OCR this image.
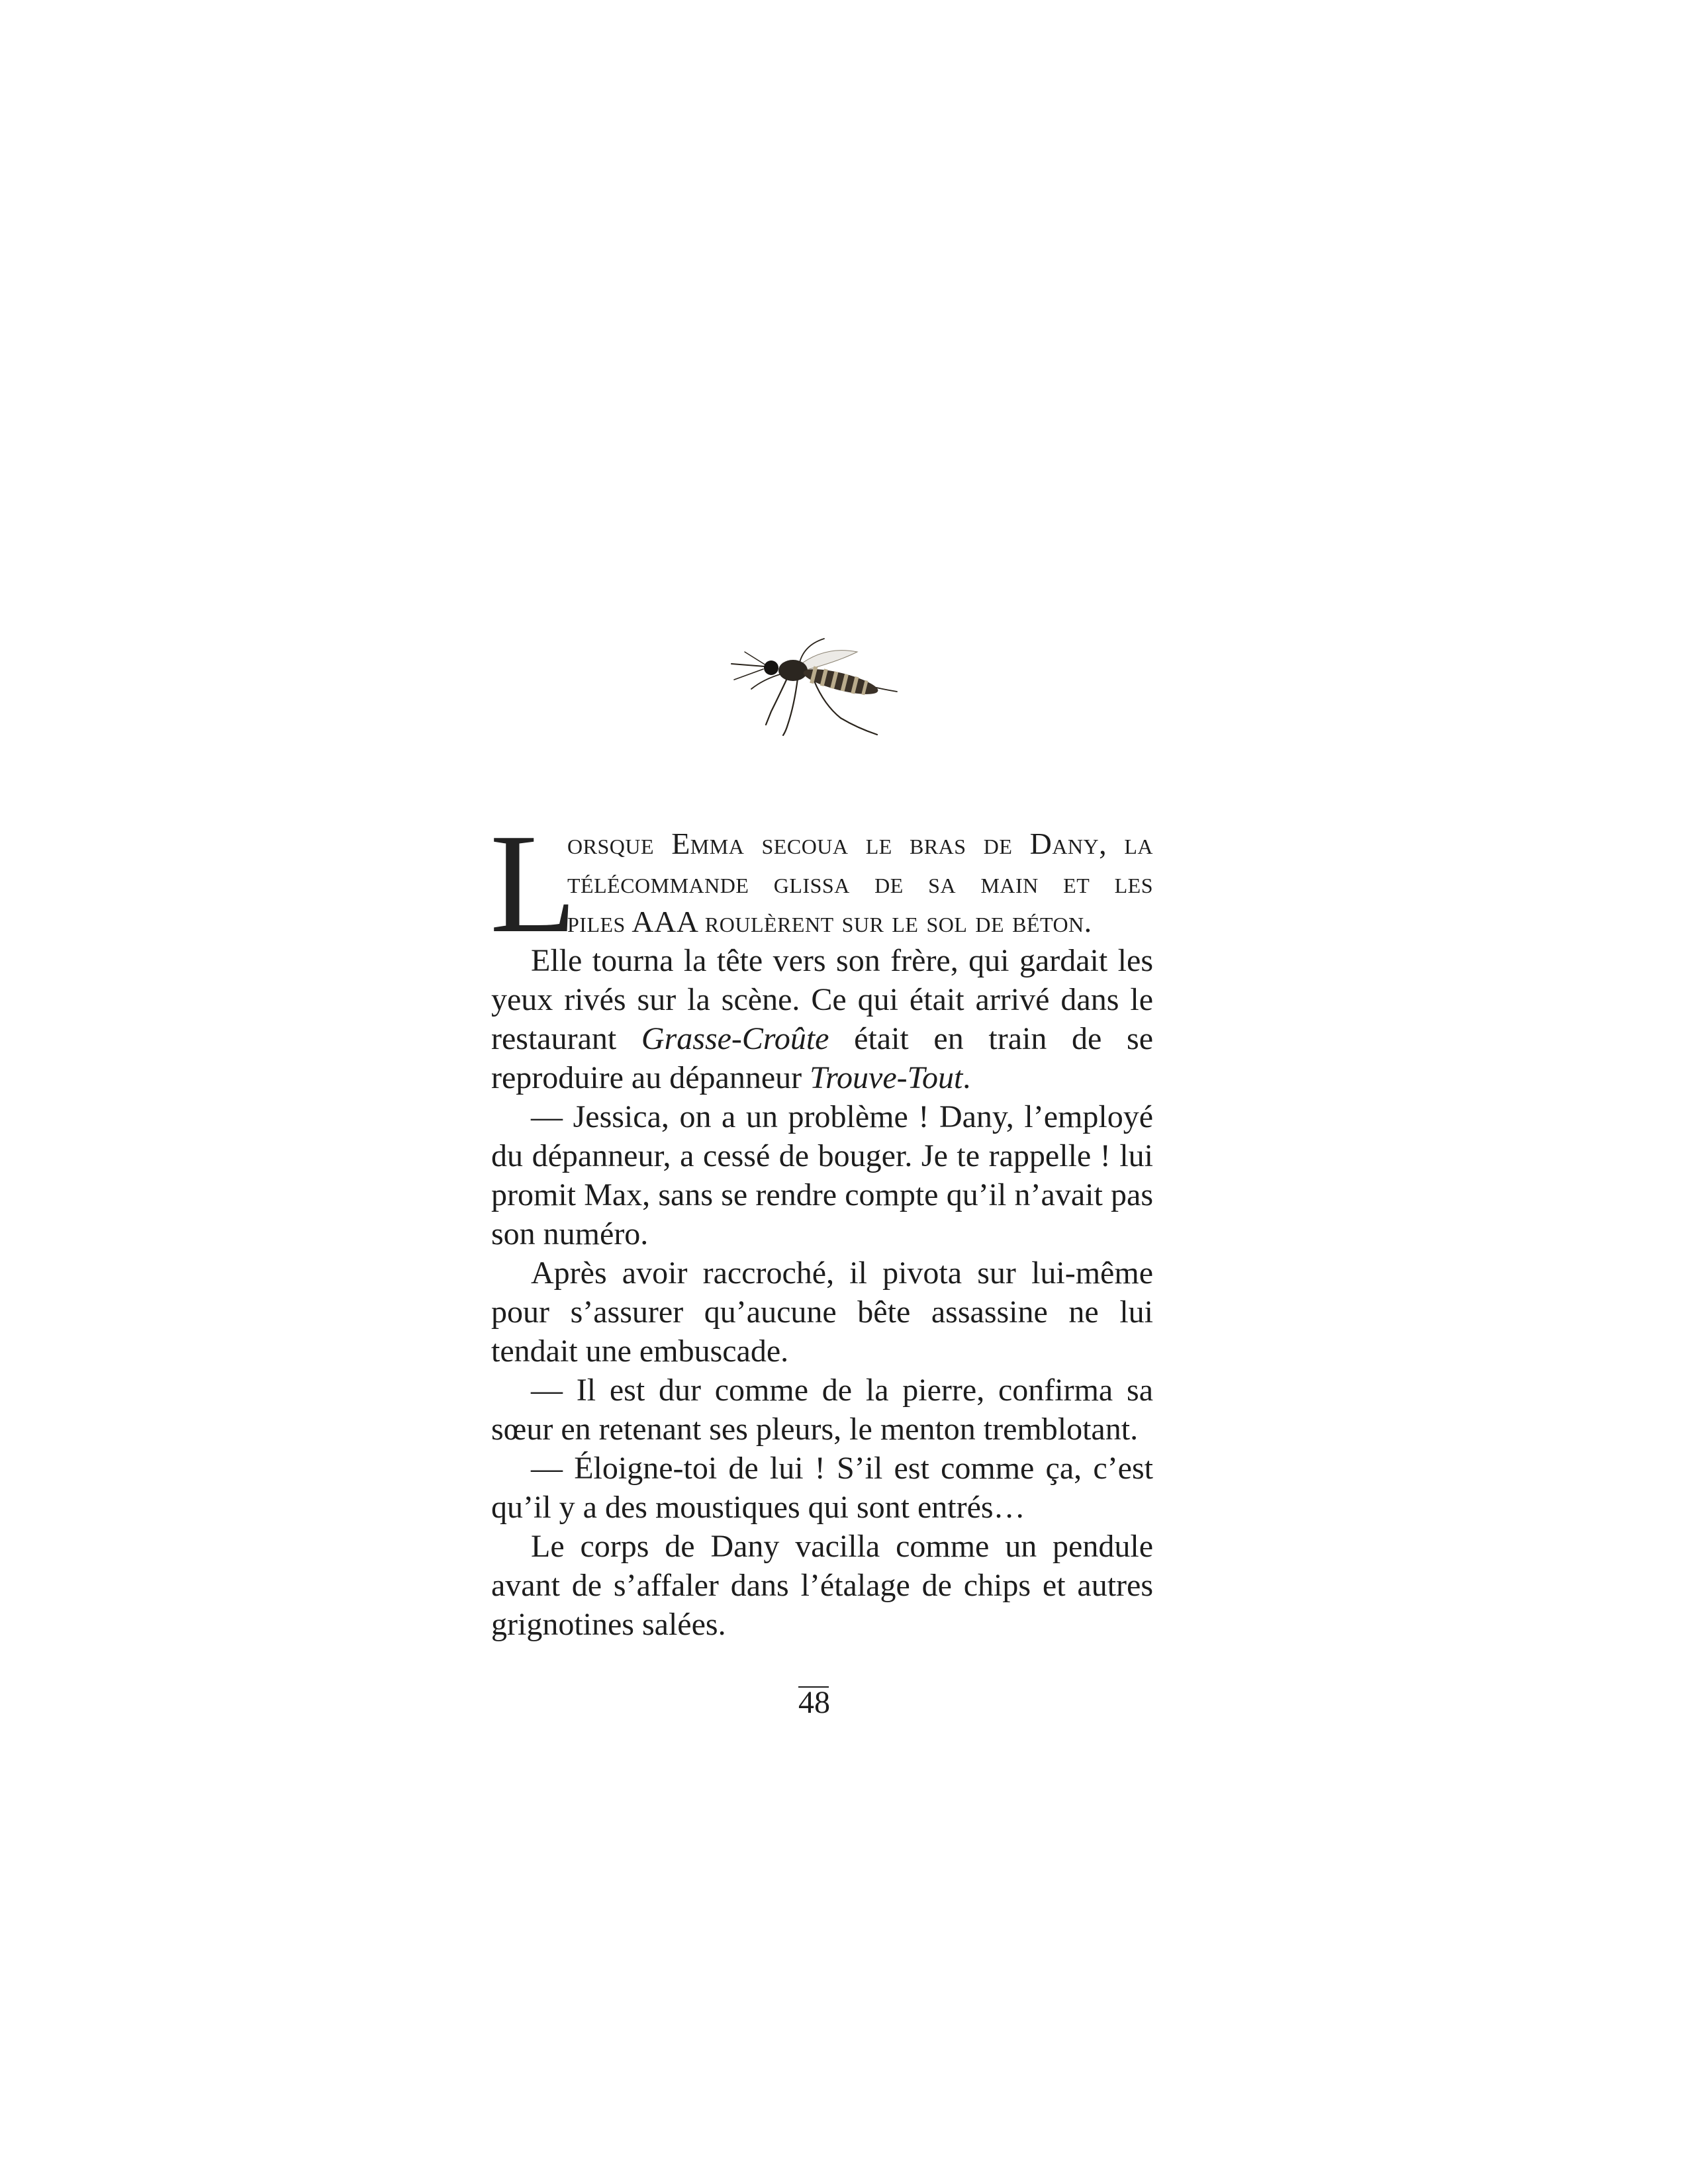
L
orsque Emma secoua le bras de Dany, la
télécommande glissa de sa main et les
piles AAA roulèrent sur le sol de béton.

Elle tourna la tête vers son frère, qui gardait les yeux rivés sur la scène. Ce qui était arrivé dans le restaurant Grasse-Croûte était en train de se reproduire au dépanneur Trouve-Tout.

— Jessica, on a un problème ! Dany, l’employé du dépanneur, a cessé de bouger. Je te rappelle ! lui promit Max, sans se rendre compte qu’il n’avait pas son numéro.

Après avoir raccroché, il pivota sur lui-même pour s’assurer qu’aucune bête assassine ne lui tendait une embuscade.

— Il est dur comme de la pierre, confirma sa sœur en retenant ses pleurs, le menton tremblotant.

— Éloigne-toi de lui ! S’il est comme ça, c’est qu’il y a des moustiques qui sont entrés…

Le corps de Dany vacilla comme un pendule avant de s’affaler dans l’étalage de chips et autres grignotines salées.

48
